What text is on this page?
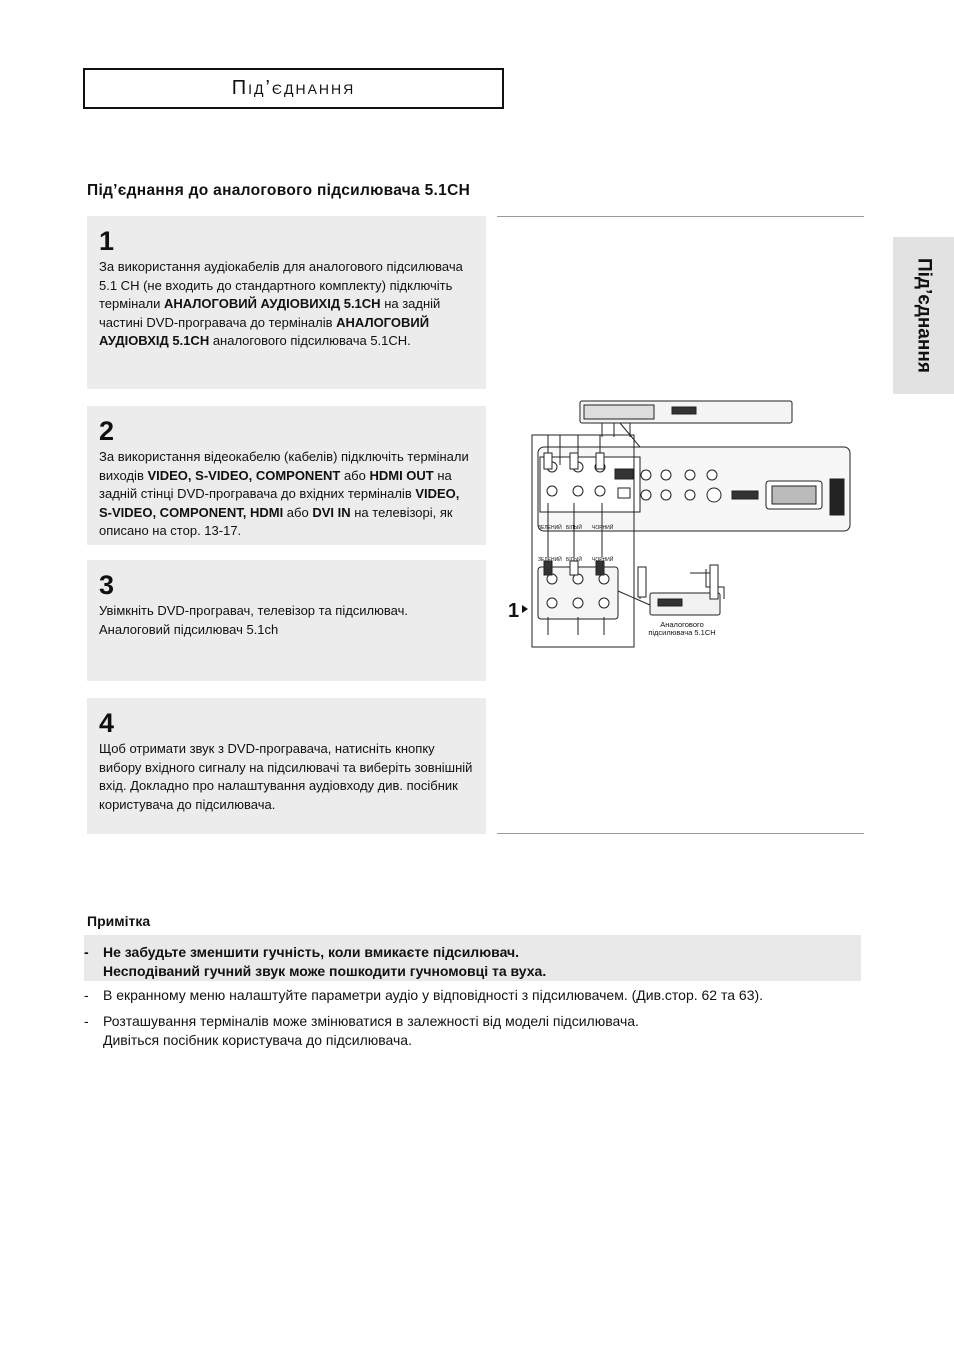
Під’єднання
Під’єднання до аналогового підсилювача 5.1CH
Під’єднання
1
За використання аудіокабелів для аналогового підсилювача 5.1 CH (не входить до стандартного комплекту) підключіть термінали АНАЛОГОВИЙ АУДІОВИХІД 5.1CH на задній частині DVD-програвача до терміналів АНАЛОГОВИЙ АУДІОВХІД 5.1CH аналогового підсилювача 5.1CH.
2
За використання відеокабелю (кабелів) підключіть термінали виходів VIDEO, S-VIDEO, COMPONENT або HDMI OUT на задній стінці DVD-програвача до вхідних терміналів VIDEO, S-VIDEO, COMPONENT, HDMI або DVI IN на телевізорі, як описано на стор. 13-17.
3
Увімкніть DVD-програвач, телевізор та підсилювач. Аналоговий підсилювач 5.1ch
4
Щоб отримати звук з DVD-програвача, натисніть кнопку вибору вхідного сигналу на підсилювачі та виберіть зовнішній вхід. Докладно про налаштування аудіовходу див. посібник користувача до підсилювача.
1
ЗЕЛЕНИЙ БІЛЫЙ ЧОРНИЙ
ЗЕЛЕНИЙ БІЛЫЙ ЧОРНИЙ
Аналогового
підсилювача 5.1CH
Примітка
- Не забудьте зменшити гучність, коли вмикаєте підсилювач.
Несподіваний гучний звук може пошкодити гучномовці та вуха.
- В екранному меню налаштуйте параметри аудіо у відповідності з підсилювачем. (Див.стор. 62 та 63).
- Розташування терміналів може змінюватися в залежності від моделі підсилювача.
Дивіться посібник користувача до підсилювача.
